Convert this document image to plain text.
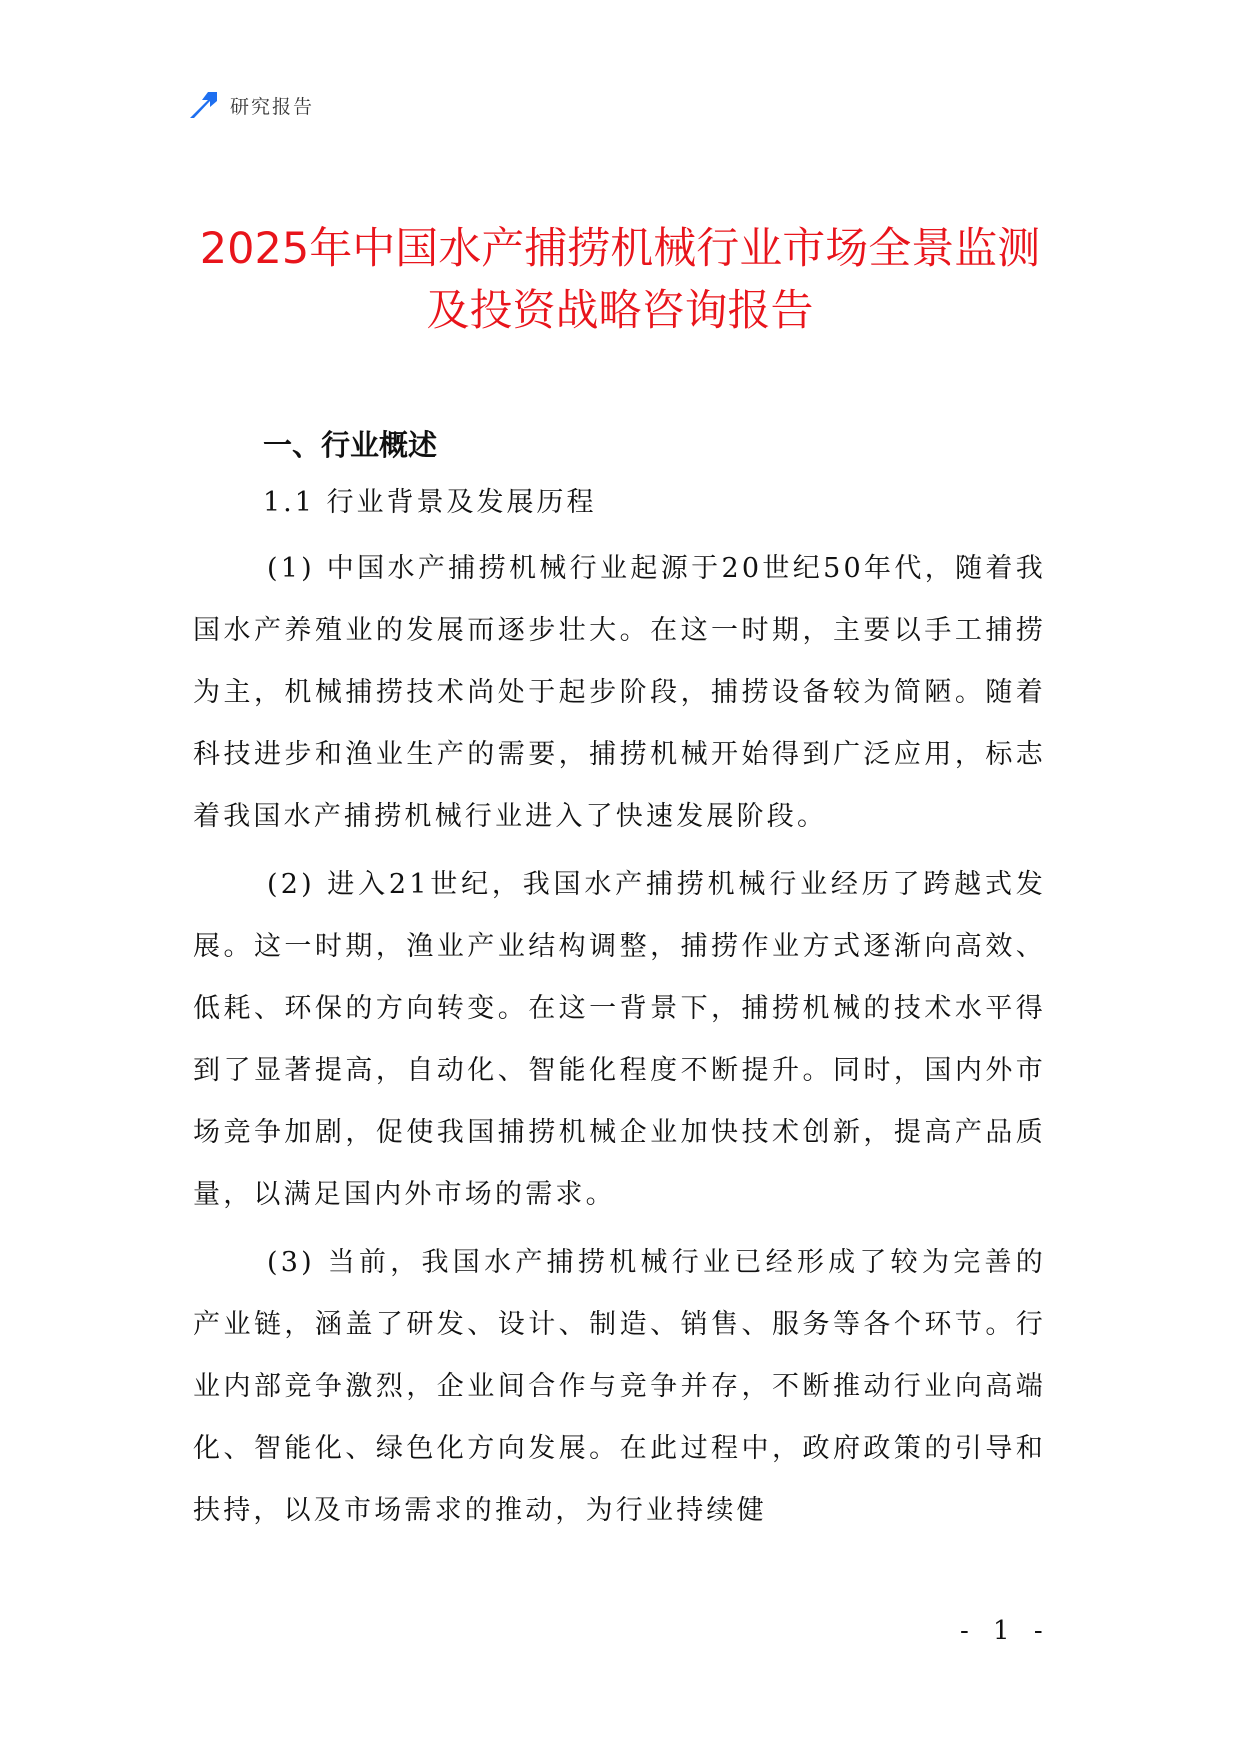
研究报告
2025年中国水产捕捞机械行业市场全景监测及投资战略咨询报告
一、行业概述
1.1 行业背景及发展历程

(1) 中国水产捕捞机械行业起源于20世纪50年代，随着我国水产养殖业的发展而逐步壮大。在这一时期，主要以手工捕捞为主，机械捕捞技术尚处于起步阶段，捕捞设备较为简陋。随着科技进步和渔业生产的需要，捕捞机械开始得到广泛应用，标志着我国水产捕捞机械行业进入了快速发展阶段。

(2) 进入21世纪，我国水产捕捞机械行业经历了跨越式发展。这一时期，渔业产业结构调整，捕捞作业方式逐渐向高效、低耗、环保的方向转变。在这一背景下，捕捞机械的技术水平得到了显著提高，自动化、智能化程度不断提升。同时，国内外市场竞争加剧，促使我国捕捞机械企业加快技术创新，提高产品质量，以满足国内外市场的需求。

(3) 当前，我国水产捕捞机械行业已经形成了较为完善的产业链，涵盖了研发、设计、制造、销售、服务等各个环节。行业内部竞争激烈，企业间合作与竞争并存，不断推动行业向高端化、智能化、绿色化方向发展。在此过程中，政府政策的引导和扶持，以及市场需求的推动，为行业持续健

- 1 -
